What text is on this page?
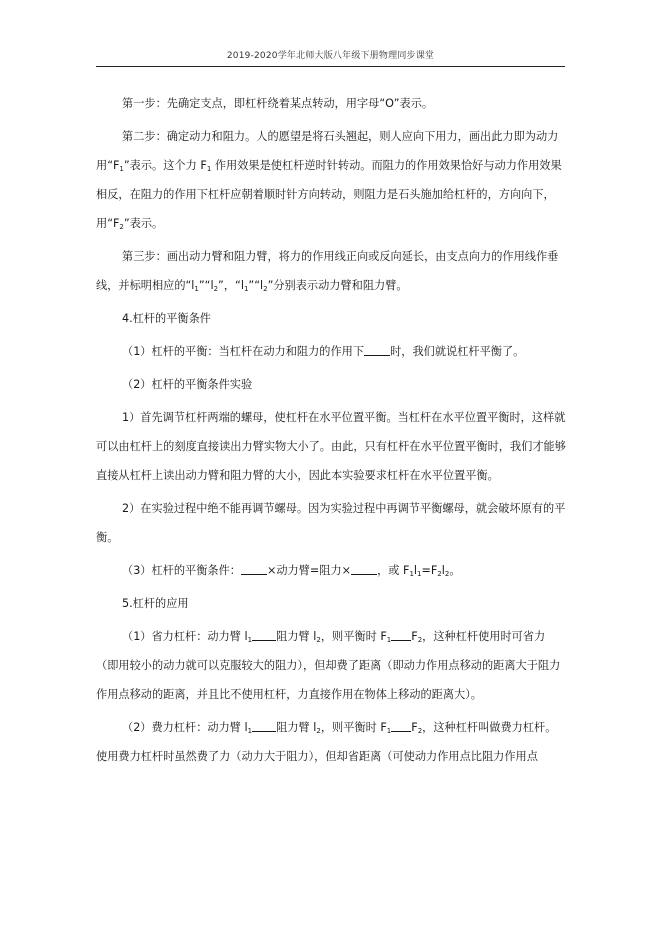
2019-2020学年北师大版八年级下册物理同步课堂

第一步：先确定支点，即杠杆绕着某点转动，用字母“O”表示。

第二步：确定动力和阻力。人的愿望是将石头翘起，则人应向下用力，画出此力即为动力用“$F_1$”表示。这个力 $F_1$ 作用效果是使杠杆逆时针转动。而阻力的作用效果恰好与动力作用效果相反，在阻力的作用下杠杆应朝着顺时针方向转动，则阻力是石头施加给杠杆的，方向向下，用“$F_2$”表示。

第三步：画出动力臂和阻力臂，将力的作用线正向或反向延长，由支点向力的作用线作垂线，并标明相应的“$l_1”“l_2$”，“$l_1”“l_2$”分别表示动力臂和阻力臂。

4.杠杆的平衡条件

（1）杠杆的平衡：当杠杆在动力和阻力的作用下 时，我们就说杠杆平衡了。

（2）杠杆的平衡条件实验

1）首先调节杠杆两端的螺母，使杠杆在水平位置平衡。当杠杆在水平位置平衡时，这样就可以由杠杆上的刻度直接读出力臂实物大小了。由此，只有杠杆在水平位置平衡时，我们才能够直接从杠杆上读出动力臂和阻力臂的大小，因此本实验要求杠杆在水平位置平衡。

2）在实验过程中绝不能再调节螺母。因为实验过程中再调节平衡螺母，就会破坏原有的平衡。

（3）杠杆的平衡条件： ×动力臂=阻力× ，或 $F_1l_1=F_2l_2$。

5.杠杆的应用

（1）省力杠杆：动力臂 $l_1$ 阻力臂 $l_2$，则平衡时 $F_1$ $F_2$，这种杠杆使用时可省力（即用较小的动力就可以克服较大的阻力），但却费了距离（即动力作用点移动的距离大于阻力作用点移动的距离，并且比不使用杠杆，力直接作用在物体上移动的距离大）。

（2）费力杠杆：动力臂 $l_1$ 阻力臂 $l_2$，则平衡时 $F_1$ $F_2$，这种杠杆叫做费力杠杆。使用费力杠杆时虽然费了力（动力大于阻力），但却省距离（可使动力作用点比阻力作用点
